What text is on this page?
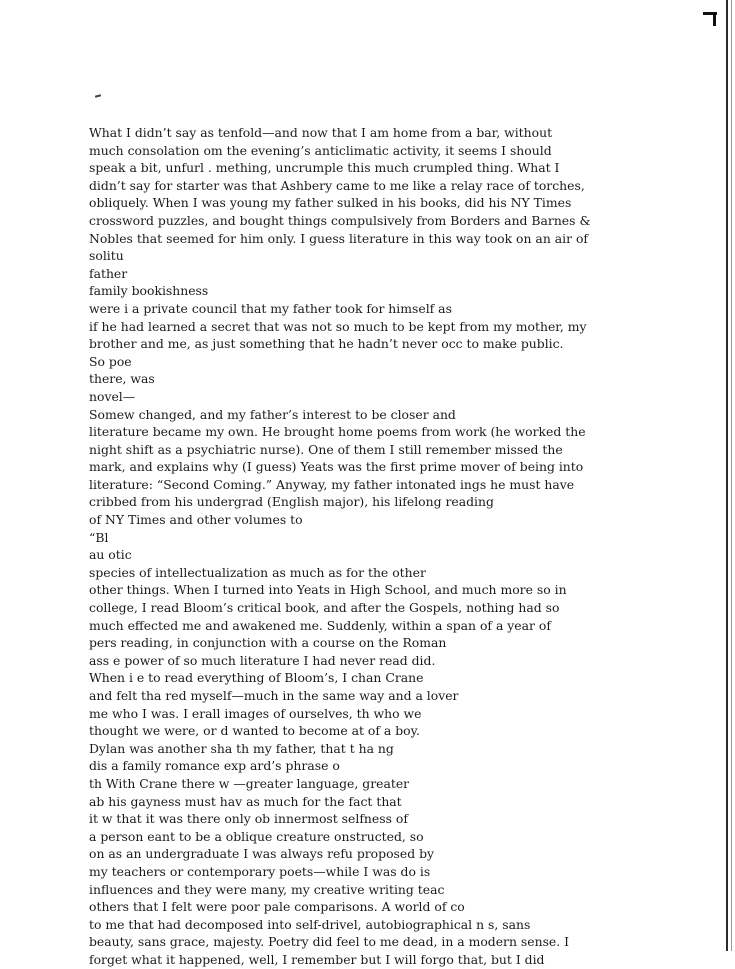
What I didn’t say as tenfold—and now that I am home from a bar, without
much consolation om the evening’s anticlimatic activity, it seems I should
speak a bit, unfurl . mething, uncrumple this much crumpled thing. What I
didn’t say for starter was that Ashbery came to me like a relay race of torches,
obliquely. When I was young my father sulked in his books, did his NY Times
crossword puzzles, and bought things compulsively from Borders and Barnes &
Nobles that seemed for him only. I guess literature in this way took on an air of
solitu
father
family bookishness
were i a private council that my father took for himself as
if he had learned a secret that was not so much to be kept from my mother, my
brother and me, as just something that he hadn’t never occ to make public.
So poe
there, was
novel—
Somew changed, and my father’s interest to be closer and
literature became my own. He brought home poems from work (he worked the
night shift as a psychiatric nurse). One of them I still remember missed the
mark, and explains why (I guess) Yeats was the first prime mover of being into
literature: “Second Coming.” Anyway, my father intonated ings he must have
cribbed from his undergrad (English major), his lifelong reading
of NY Times and other volumes to
“Bl
au otic
species of intellectualization as much as for the other
other things. When I turned into Yeats in High School, and much more so in
college, I read Bloom’s critical book, and after the Gospels, nothing had so
much effected me and awakened me. Suddenly, within a span of a year of
pers reading, in conjunction with a course on the Roman
ass e power of so much literature I had never read did.
When i e to read everything of Bloom’s, I chan Crane
and felt tha red myself—much in the same way and a lover
me who I was. I erall images of ourselves, th who we
thought we were, or d wanted to become at of a boy.
Dylan was another sha th my father, that t ha ng
dis a family romance exp ard’s phrase o
th With Crane there w —greater language, greater
ab his gayness must hav as much for the fact that
it w that it was there only ob innermost selfness of
a person eant to be a oblique creature onstructed, so
on as an undergraduate I was always refu proposed by
my teachers or contemporary poets—while I was do is
influences and they were many, my creative writing teac
others that I felt were poor pale comparisons. A world of co
to me that had decomposed into self-drivel, autobiographical n s, sans
beauty, sans grace, majesty. Poetry did feel to me dead, in a modern sense. I
forget what it happened, well, I remember but I will forgo that, but I did
